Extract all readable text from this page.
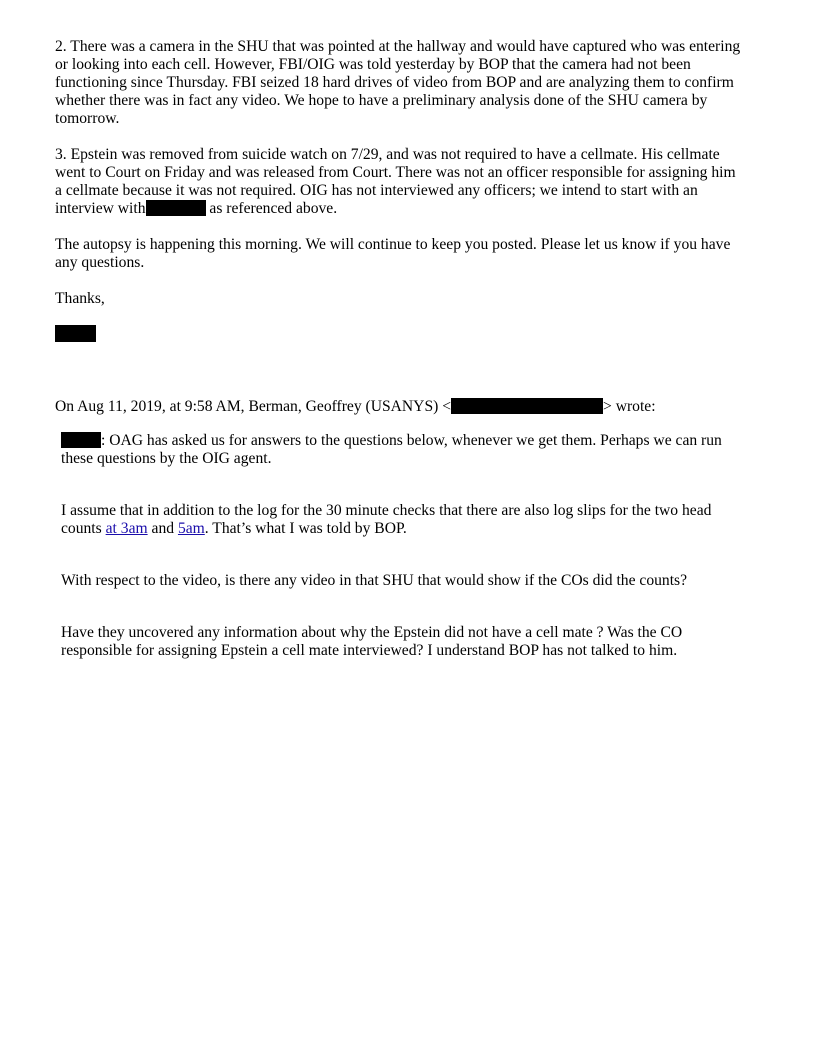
2. There was a camera in the SHU that was pointed at the hallway and would have captured who was entering
or looking into each cell. However, FBI/OIG was told yesterday by BOP that the camera had not been
functioning since Thursday. FBI seized 18 hard drives of video from BOP and are analyzing them to confirm
whether there was in fact any video. We hope to have a preliminary analysis done of the SHU camera by
tomorrow.
3. Epstein was removed from suicide watch on 7/29, and was not required to have a cellmate. His cellmate
went to Court on Friday and was released from Court. There was not an officer responsible for assigning him
a cellmate because it was not required. OIG has not interviewed any officers; we intend to start with an
interview with	as referenced above.
The autopsy is happening this morning. We will continue to keep you posted. Please let us know if you have
any questions.
Thanks,
On Aug 11, 2019, at 9:58 AM, Berman, Geoffrey (USANYS) <	> wrote:
: OAG has asked us for answers to the questions below, whenever we get them. Perhaps we can run
these questions by the OIG agent.
I assume that in addition to the log for the 30 minute checks that there are also log slips for the two head
counts at 3am and 5am. That’s what I was told by BOP.
With respect to the video, is there any video in that SHU that would show if the COs did the counts?
Have they uncovered any information about why the Epstein did not have a cell mate ? Was the CO
responsible for assigning Epstein a cell mate interviewed? I understand BOP has not talked to him.
